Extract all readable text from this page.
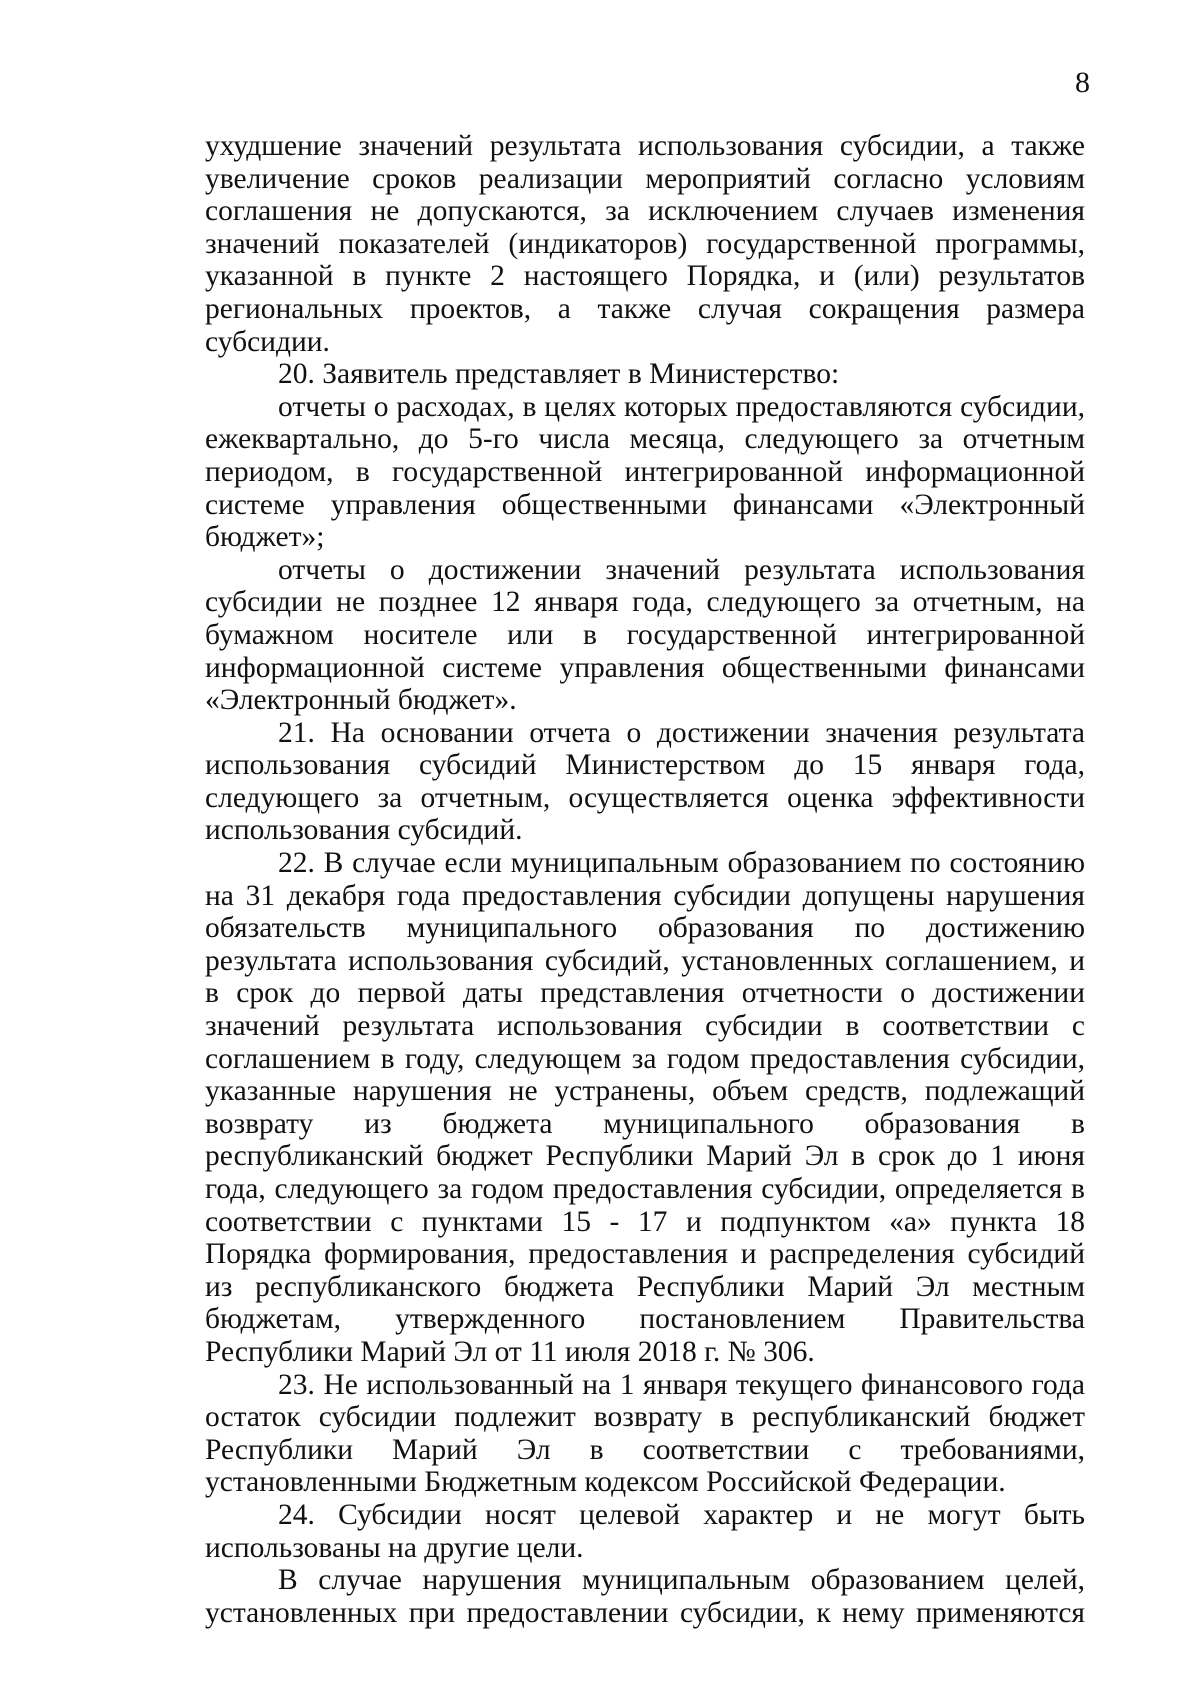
8

ухудшение значений результата использования субсидии, а также увеличение сроков реализации мероприятий согласно условиям соглашения не допускаются, за исключением случаев изменения значений показателей (индикаторов) государственной программы, указанной в пункте 2 настоящего Порядка, и (или) результатов региональных проектов, а также случая сокращения размера субсидии.

20. Заявитель представляет в Министерство:

отчеты о расходах, в целях которых предоставляются субсидии, ежеквартально, до 5-го числа месяца, следующего за отчетным периодом, в государственной интегрированной информационной системе управления общественными финансами «Электронный бюджет»;

отчеты о достижении значений результата использования субсидии не позднее 12 января года, следующего за отчетным, на бумажном носителе или в государственной интегрированной информационной системе управления общественными финансами «Электронный бюджет».

21. На основании отчета о достижении значения результата использования субсидий Министерством до 15 января года, следующего за отчетным, осуществляется оценка эффективности использования субсидий.

22. В случае если муниципальным образованием по состоянию на 31 декабря года предоставления субсидии допущены нарушения обязательств муниципального образования по достижению результата использования субсидий, установленных соглашением, и в срок до первой даты представления отчетности о достижении значений результата использования субсидии в соответствии с соглашением в году, следующем за годом предоставления субсидии, указанные нарушения не устранены, объем средств, подлежащий возврату из бюджета муниципального образования в республиканский бюджет Республики Марий Эл в срок до 1 июня года, следующего за годом предоставления субсидии, определяется в соответствии с пунктами 15 - 17 и подпунктом «а» пункта 18 Порядка формирования, предоставления и распределения субсидий из республиканского бюджета Республики Марий Эл местным бюджетам, утвержденного постановлением Правительства Республики Марий Эл от 11 июля 2018 г. № 306.

23. Не использованный на 1 января текущего финансового года остаток субсидии подлежит возврату в республиканский бюджет Республики Марий Эл в соответствии с требованиями, установленными Бюджетным кодексом Российской Федерации.

24. Субсидии носят целевой характер и не могут быть использованы на другие цели.

В случае нарушения муниципальным образованием целей, установленных при предоставлении субсидии, к нему применяются
